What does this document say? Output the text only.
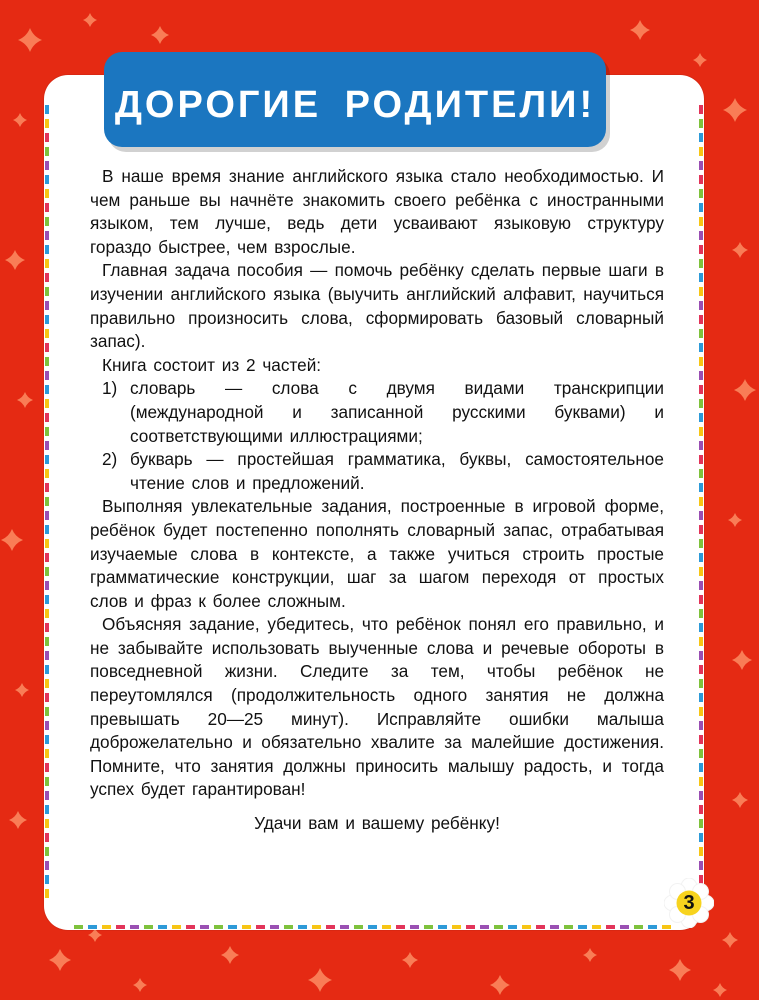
ДОРОГИЕ РОДИТЕЛИ!

В наше время знание английского языка стало необходимостью. И чем раньше вы начнёте знакомить своего ребёнка с иностранными языком, тем лучше, ведь дети усваивают языковую структуру гораздо быстрее, чем взрослые.

Главная задача пособия — помочь ребёнку сделать первые шаги в изучении английского языка (выучить английский алфавит, научиться правильно произносить слова, сформировать базовый словарный запас).

Книга состоит из 2 частей:

1) словарь — слова с двумя видами транскрипции (международной и записанной русскими буквами) и соответствующими иллюстрациями;
2) букварь — простейшая грамматика, буквы, самостоятельное чтение слов и предложений.

Выполняя увлекательные задания, построенные в игровой форме, ребёнок будет постепенно пополнять словарный запас, отрабатывая изучаемые слова в контексте, а также учиться строить простые грамматические конструкции, шаг за шагом переходя от простых слов и фраз к более сложным.

Объясняя задание, убедитесь, что ребёнок понял его правильно, и не забывайте использовать выученные слова и речевые обороты в повседневной жизни. Следите за тем, чтобы ребёнок не переутомлялся (продолжительность одного занятия не должна превышать 20—25 минут). Исправляйте ошибки малыша доброжелательно и обязательно хвалите за малейшие достижения. Помните, что занятия должны приносить малышу радость, и тогда успех будет гарантирован!

Удачи вам и вашему ребёнку!

3
